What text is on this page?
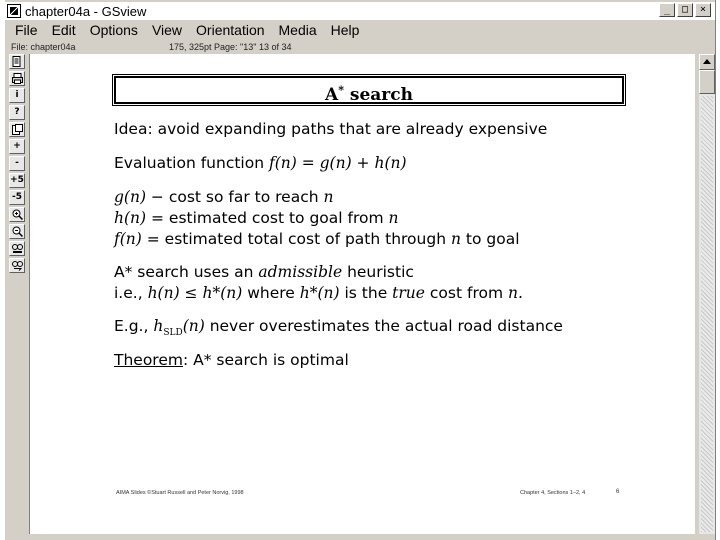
chapter04a - GSview	_	□	×
File Edit Options View Orientation Media Help
File: chapter04a	175, 325pt Page: "13" 13 of 34
i
?
+
-
+5
-5
A* search
Idea: avoid expanding paths that are already expensive
Evaluation function f(n) = g(n) + h(n)
g(n) − cost so far to reach n
h(n) = estimated cost to goal from n
f(n) = estimated total cost of path through n to goal
A* search uses an admissible heuristic
i.e., h(n) ≤ h*(n) where h*(n) is the true cost from n.
E.g., $h_{SLD}(n)$ never overestimates the actual road distance
Theorem: A* search is optimal
AIMA Slides ©Stuart Russell and Peter Norvig, 1998	Chapter 4, Sections 1–2, 4	6
